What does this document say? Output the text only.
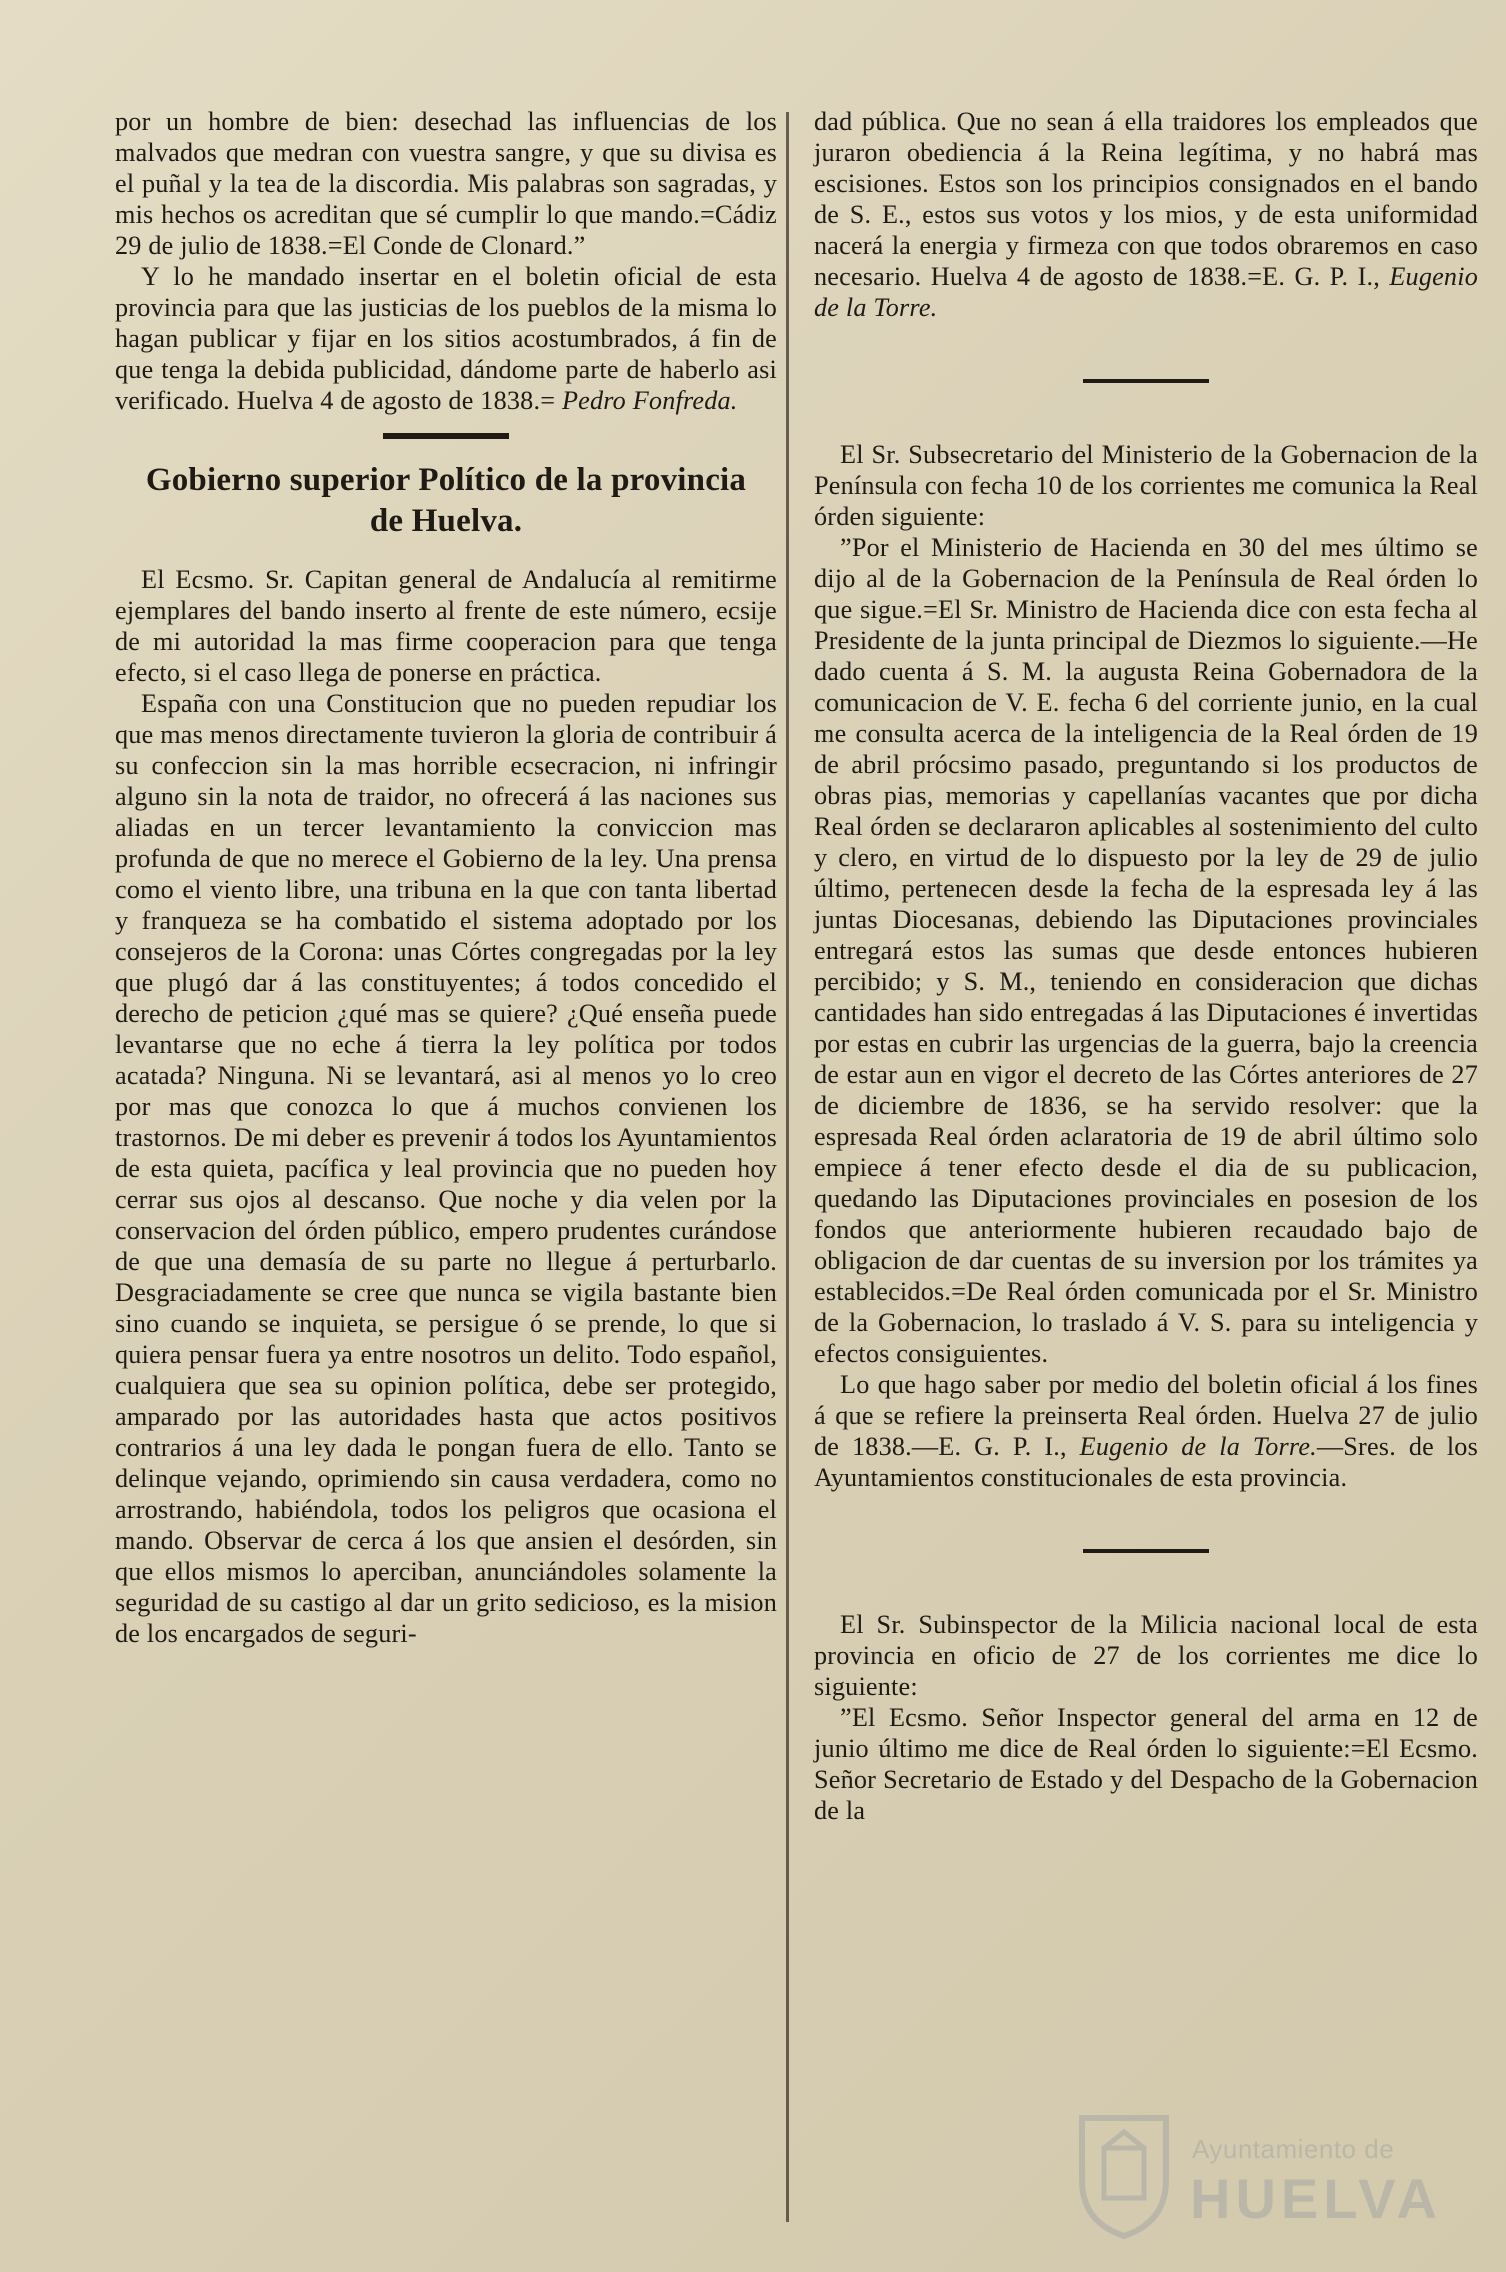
por un hombre de bien: desechad las influencias de los malvados que medran con vuestra sangre, y que su divisa es el puñal y la tea de la discordia. Mis palabras son sagradas, y mis hechos os acreditan que sé cumplir lo que mando.=Cádiz 29 de julio de 1838.=El Conde de Clonard.”

Y lo he mandado insertar en el boletin oficial de esta provincia para que las justicias de los pueblos de la misma lo hagan publicar y fijar en los sitios acostumbrados, á fin de que tenga la debida publicidad, dándome parte de haberlo asi verificado. Huelva 4 de agosto de 1838.= Pedro Fonfreda.

Gobierno superior Político de la provincia de Huelva.

El Ecsmo. Sr. Capitan general de Andalucía al remitirme ejemplares del bando inserto al frente de este número, ecsije de mi autoridad la mas firme cooperacion para que tenga efecto, si el caso llega de ponerse en práctica.

España con una Constitucion que no pueden repudiar los que mas menos directamente tuvieron la gloria de contribuir á su confeccion sin la mas horrible ecsecracion, ni infringir alguno sin la nota de traidor, no ofrecerá á las naciones sus aliadas en un tercer levantamiento la conviccion mas profunda de que no merece el Gobierno de la ley. Una prensa como el viento libre, una tribuna en la que con tanta libertad y franqueza se ha combatido el sistema adoptado por los consejeros de la Corona: unas Córtes congregadas por la ley que plugó dar á las constituyentes; á todos concedido el derecho de peticion ¿qué mas se quiere? ¿Qué enseña puede levantarse que no eche á tierra la ley política por todos acatada? Ninguna. Ni se levantará, asi al menos yo lo creo por mas que conozca lo que á muchos convienen los trastornos. De mi deber es prevenir á todos los Ayuntamientos de esta quieta, pacífica y leal provincia que no pueden hoy cerrar sus ojos al descanso. Que noche y dia velen por la conservacion del órden público, empero prudentes curándose de que una demasía de su parte no llegue á perturbarlo. Desgraciadamente se cree que nunca se vigila bastante bien sino cuando se inquieta, se persigue ó se prende, lo que si quiera pensar fuera ya entre nosotros un delito. Todo español, cualquiera que sea su opinion política, debe ser protegido, amparado por las autoridades hasta que actos positivos contrarios á una ley dada le pongan fuera de ello. Tanto se delinque vejando, oprimiendo sin causa verdadera, como no arrostrando, habiéndola, todos los peligros que ocasiona el mando. Observar de cerca á los que ansien el desórden, sin que ellos mismos lo aperciban, anunciándoles solamente la seguridad de su castigo al dar un grito sedicioso, es la mision de los encargados de seguri-

dad pública. Que no sean á ella traidores los empleados que juraron obediencia á la Reina legítima, y no habrá mas escisiones. Estos son los principios consignados en el bando de S. E., estos sus votos y los mios, y de esta uniformidad nacerá la energia y firmeza con que todos obraremos en caso necesario. Huelva 4 de agosto de 1838.=E. G. P. I., Eugenio de la Torre.

El Sr. Subsecretario del Ministerio de la Gobernacion de la Península con fecha 10 de los corrientes me comunica la Real órden siguiente:

”Por el Ministerio de Hacienda en 30 del mes último se dijo al de la Gobernacion de la Península de Real órden lo que sigue.=El Sr. Ministro de Hacienda dice con esta fecha al Presidente de la junta principal de Diezmos lo siguiente.—He dado cuenta á S. M. la augusta Reina Gobernadora de la comunicacion de V. E. fecha 6 del corriente junio, en la cual me consulta acerca de la inteligencia de la Real órden de 19 de abril prócsimo pasado, preguntando si los productos de obras pias, memorias y capellanías vacantes que por dicha Real órden se declararon aplicables al sostenimiento del culto y clero, en virtud de lo dispuesto por la ley de 29 de julio último, pertenecen desde la fecha de la espresada ley á las juntas Diocesanas, debiendo las Diputaciones provinciales entregará estos las sumas que desde entonces hubieren percibido; y S. M., teniendo en consideracion que dichas cantidades han sido entregadas á las Diputaciones é invertidas por estas en cubrir las urgencias de la guerra, bajo la creencia de estar aun en vigor el decreto de las Córtes anteriores de 27 de diciembre de 1836, se ha servido resolver: que la espresada Real órden aclaratoria de 19 de abril último solo empiece á tener efecto desde el dia de su publicacion, quedando las Diputaciones provinciales en posesion de los fondos que anteriormente hubieren recaudado bajo de obligacion de dar cuentas de su inversion por los trámites ya establecidos.=De Real órden comunicada por el Sr. Ministro de la Gobernacion, lo traslado á V. S. para su inteligencia y efectos consiguientes.

Lo que hago saber por medio del boletin oficial á los fines á que se refiere la preinserta Real órden. Huelva 27 de julio de 1838.—E. G. P. I., Eugenio de la Torre.—Sres. de los Ayuntamientos constitucionales de esta provincia.

El Sr. Subinspector de la Milicia nacional local de esta provincia en oficio de 27 de los corrientes me dice lo siguiente:

”El Ecsmo. Señor Inspector general del arma en 12 de junio último me dice de Real órden lo siguiente:=El Ecsmo. Señor Secretario de Estado y del Despacho de la Gobernacion de la

Ayuntamiento de
HUELVA
